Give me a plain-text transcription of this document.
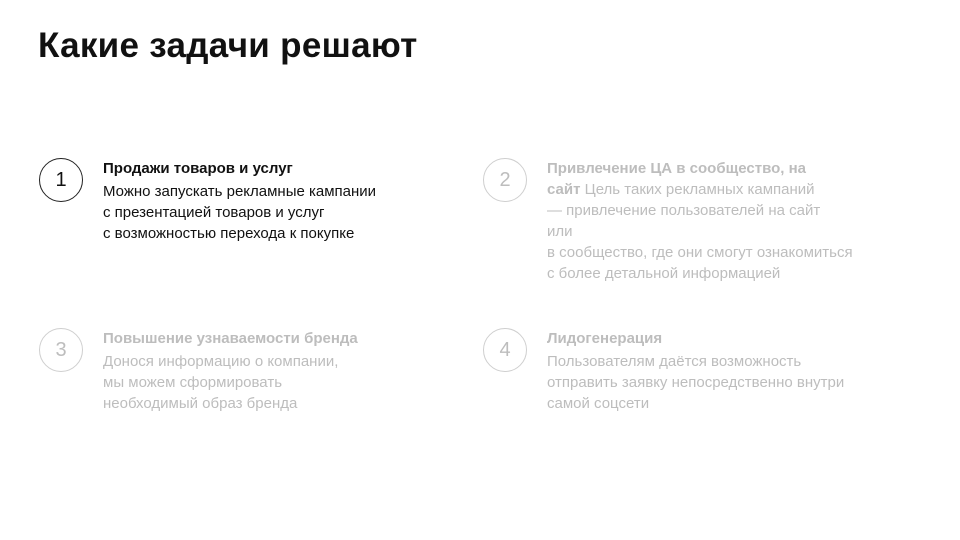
Какие задачи решают
1	Продажи товаров и услуг
Можно запускать рекламные кампании
с презентацией товаров и услуг
с возможностью перехода к покупке
2	Привлечение ЦА в сообщество, на
сайт Цель таких рекламных кампаний
— привлечение пользователей на сайт
или
в сообщество, где они смогут ознакомиться
с более детальной информацией
3	Повышение узнаваемости бренда
Донося информацию о компании,
мы можем сформировать
необходимый образ бренда
4	Лидогенерация
Пользователям даётся возможность
отправить заявку непосредственно внутри
самой соцсети
